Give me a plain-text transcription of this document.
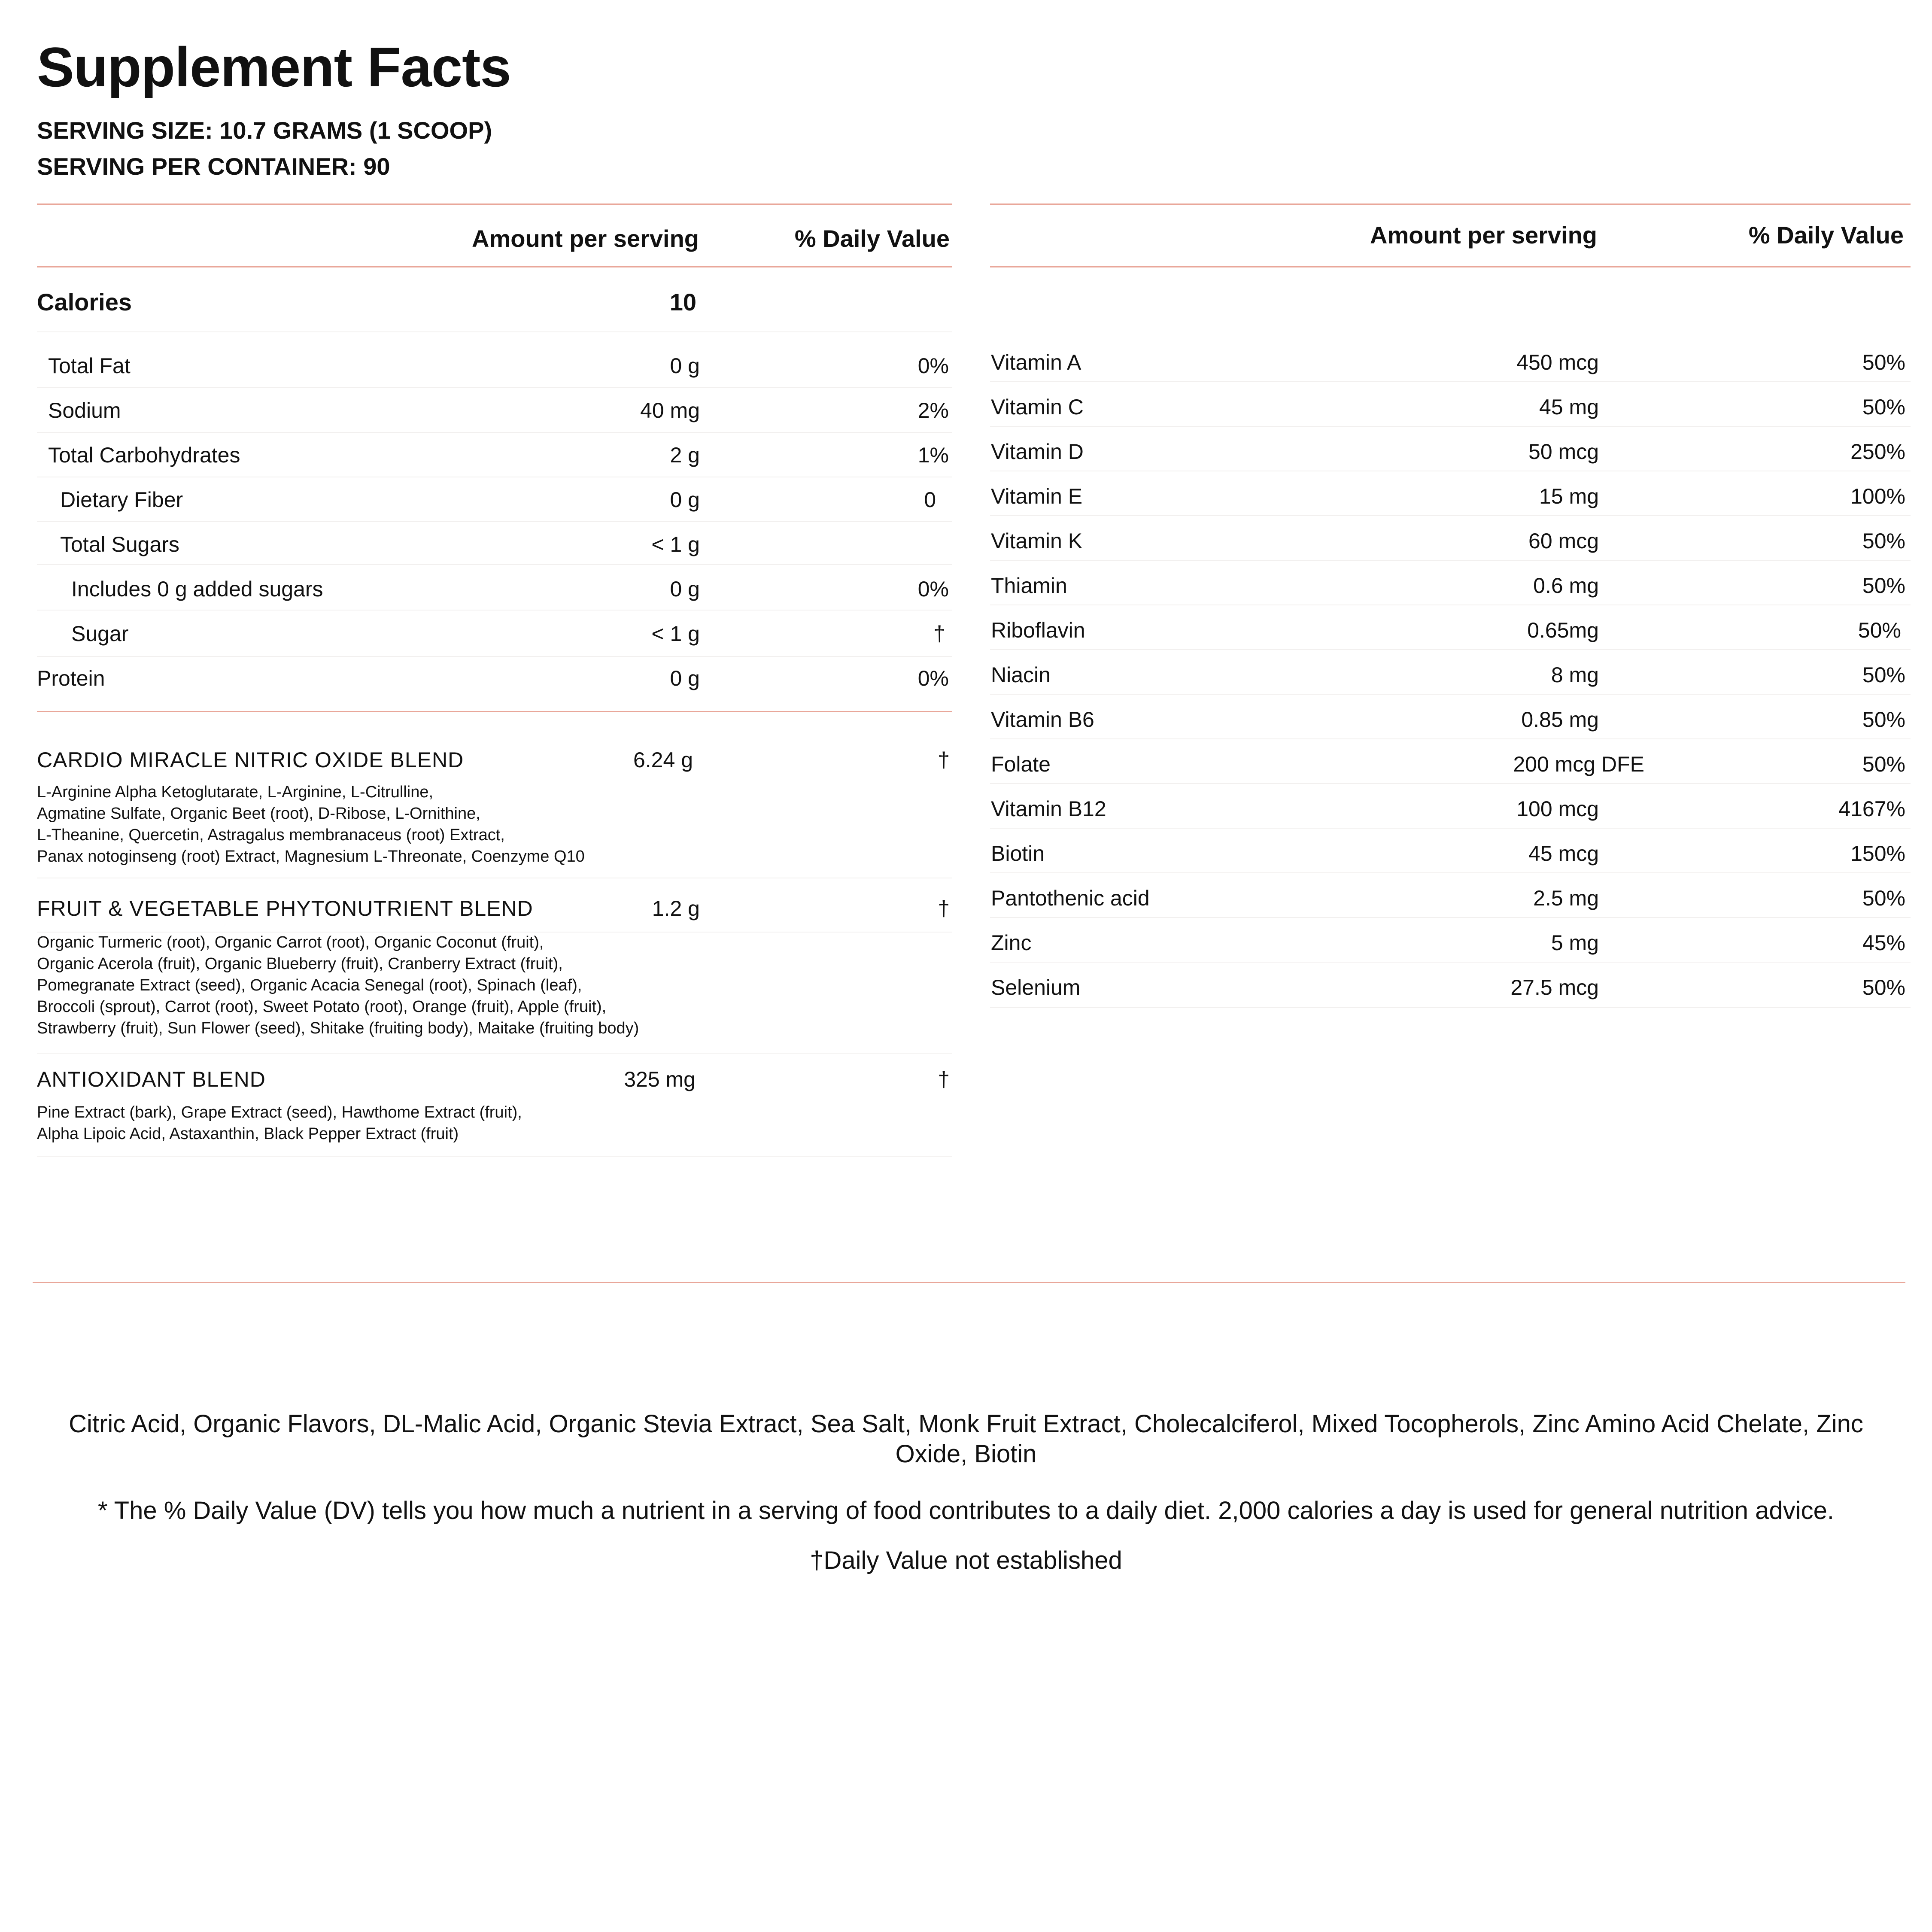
Supplement Facts
SERVING SIZE: 10.7 GRAMS (1 SCOOP)
SERVING PER CONTAINER: 90
Amount per serving	% Daily Value
Calories	10
Total Fat	0 g	0%
Sodium	40 mg	2%
Total Carbohydrates	2 g	1%
Dietary Fiber	0 g	0
Total Sugars	< 1 g
Includes 0 g added sugars	0 g	0%
Sugar	< 1 g	†
Protein	0 g	0%
CARDIO MIRACLE NITRIC OXIDE BLEND	6.24 g	†
L-Arginine Alpha Ketoglutarate, L-Arginine, L-Citrulline,
Agmatine Sulfate, Organic Beet (root), D-Ribose, L-Ornithine,
L-Theanine, Quercetin, Astragalus membranaceus (root) Extract,
Panax notoginseng (root) Extract, Magnesium L-Threonate, Coenzyme Q10
FRUIT & VEGETABLE PHYTONUTRIENT BLEND	1.2 g	†
Organic Turmeric (root), Organic Carrot (root), Organic Coconut (fruit),
Organic Acerola (fruit), Organic Blueberry (fruit), Cranberry Extract (fruit),
Pomegranate Extract (seed), Organic Acacia Senegal (root), Spinach (leaf),
Broccoli (sprout), Carrot (root), Sweet Potato (root), Orange (fruit), Apple (fruit),
Strawberry (fruit), Sun Flower (seed), Shitake (fruiting body), Maitake (fruiting body)
ANTIOXIDANT BLEND	325 mg	†
Pine Extract (bark), Grape Extract (seed), Hawthome Extract (fruit),
Alpha Lipoic Acid, Astaxanthin, Black Pepper Extract (fruit)
Amount per serving	% Daily Value
Vitamin A	450 mcg	50%
Vitamin C	45 mg	50%
Vitamin D	50 mcg	250%
Vitamin E	15 mg	100%
Vitamin K	60 mcg	50%
Thiamin	0.6 mg	50%
Riboflavin	0.65mg	50%
Niacin	8 mg	50%
Vitamin B6	0.85 mg	50%
Folate	200 mcg DFE	50%
Vitamin B12	100 mcg	4167%
Biotin	45 mcg	150%
Pantothenic acid	2.5 mg	50%
Zinc	5 mg	45%
Selenium	27.5 mcg	50%
Citric Acid, Organic Flavors, DL-Malic Acid, Organic Stevia Extract, Sea Salt, Monk Fruit Extract, Cholecalciferol, Mixed Tocopherols, Zinc Amino Acid Chelate, Zinc Oxide, Biotin
* The % Daily Value (DV) tells you how much a nutrient in a serving of food contributes to a daily diet. 2,000 calories a day is used for general nutrition advice.
†Daily Value not established
